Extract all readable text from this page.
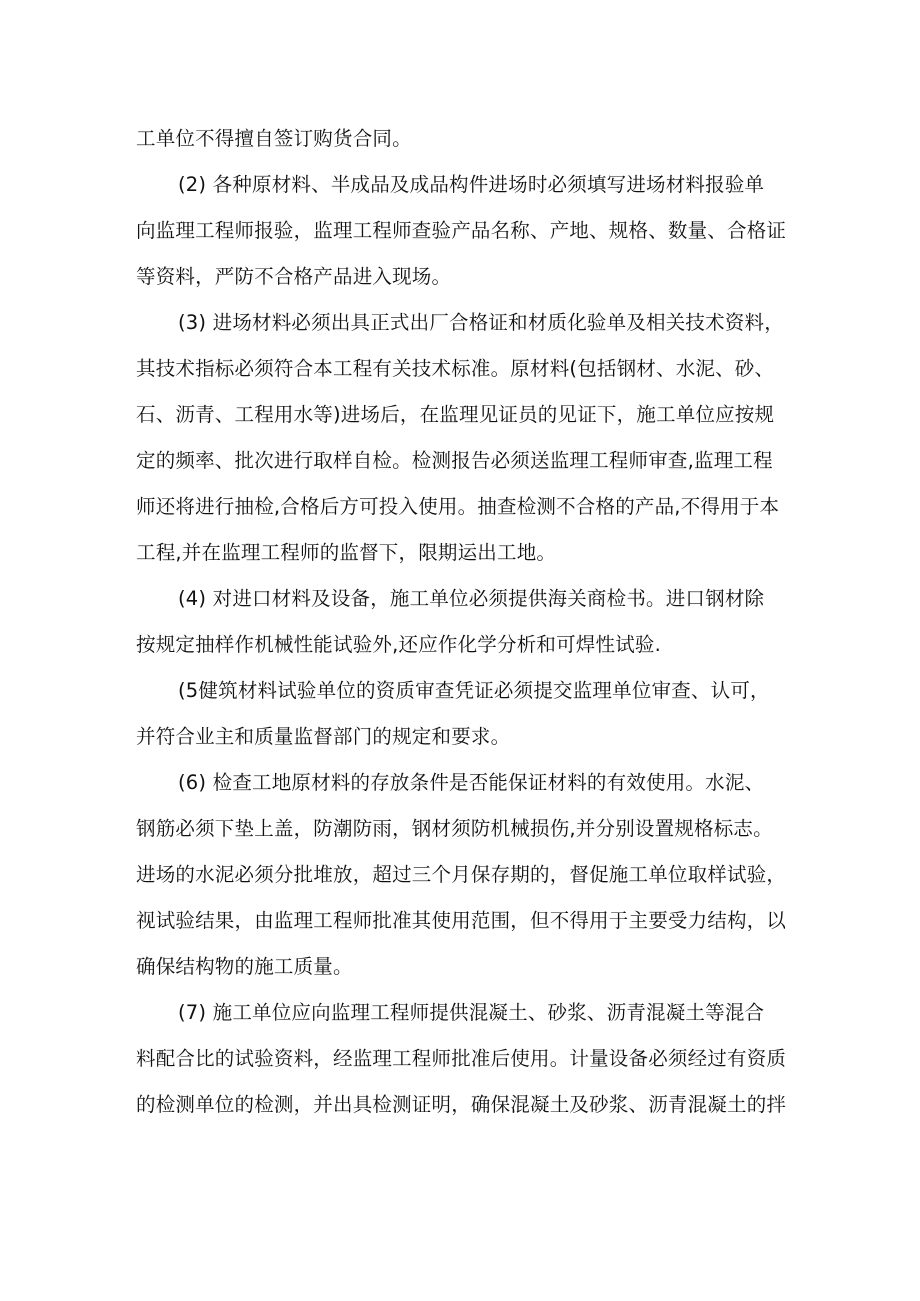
工单位不得擅自签订购货合同。
(2) 各种原材料、半成品及成品构件进场时必须填写进场材料报验单
向监理工程师报验，监理工程师查验产品名称、产地、规格、数量、合格证
等资料，严防不合格产品进入现场。
(3) 进场材料必须出具正式出厂合格证和材质化验单及相关技术资料，
其技术指标必须符合本工程有关技术标准。原材料(包括钢材、水泥、砂、
石、沥青、工程用水等)进场后，在监理见证员的见证下，施工单位应按规
定的频率、批次进行取样自检。检测报告必须送监理工程师审查,监理工程
师还将进行抽检,合格后方可投入使用。抽查检测不合格的产品,不得用于本
工程,并在监理工程师的监督下，限期运出工地。
(4) 对进口材料及设备，施工单位必须提供海关商检书。进口钢材除
按规定抽样作机械性能试验外,还应作化学分析和可焊性试验.
(5健筑材料试验单位的资质审查凭证必须提交监理单位审查、认可，
并符合业主和质量监督部门的规定和要求。
(6) 检查工地原材料的存放条件是否能保证材料的有效使用。水泥、
钢筋必须下垫上盖，防潮防雨，钢材须防机械损伤,并分别设置规格标志。
进场的水泥必须分批堆放，超过三个月保存期的，督促施工单位取样试验，
视试验结果，由监理工程师批准其使用范围，但不得用于主要受力结构，以
确保结构物的施工质量。
(7) 施工单位应向监理工程师提供混凝土、砂浆、沥青混凝土等混合
料配合比的试验资料，经监理工程师批准后使用。计量设备必须经过有资质
的检测单位的检测，并出具检测证明，确保混凝土及砂浆、沥青混凝土的拌
